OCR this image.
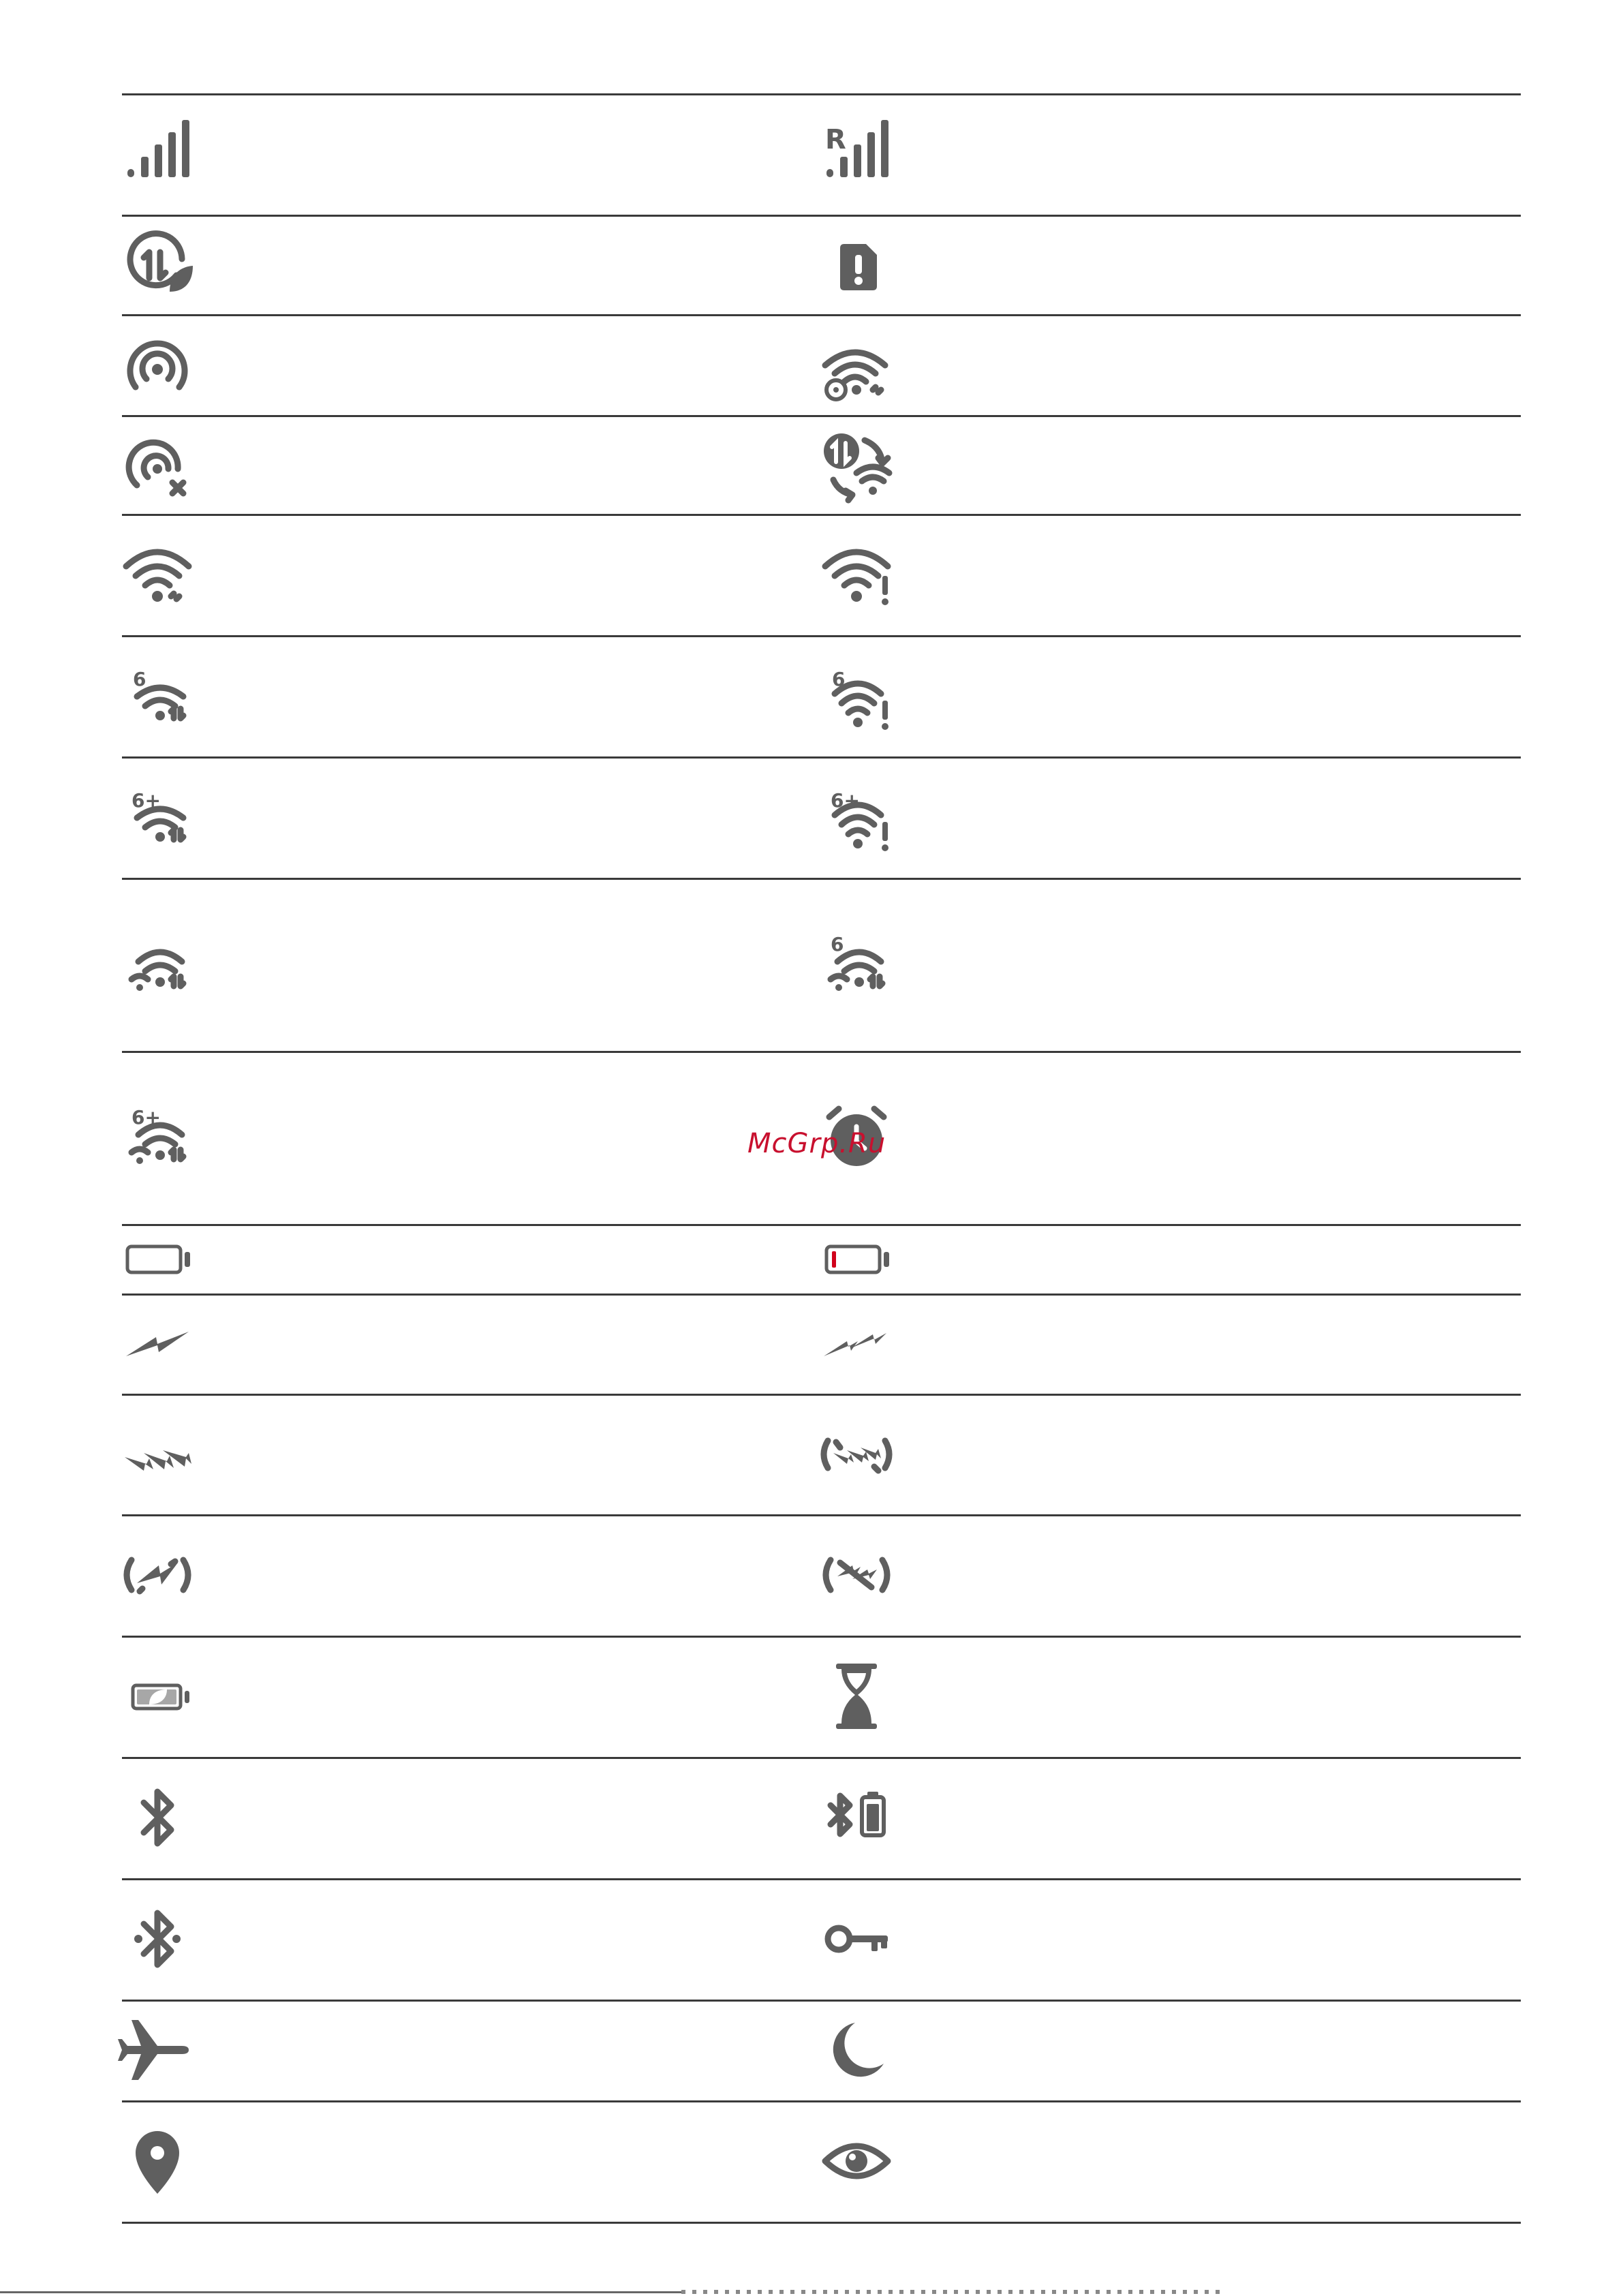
R
6	6
6+	6+
6
6+
McGrp.Ru
